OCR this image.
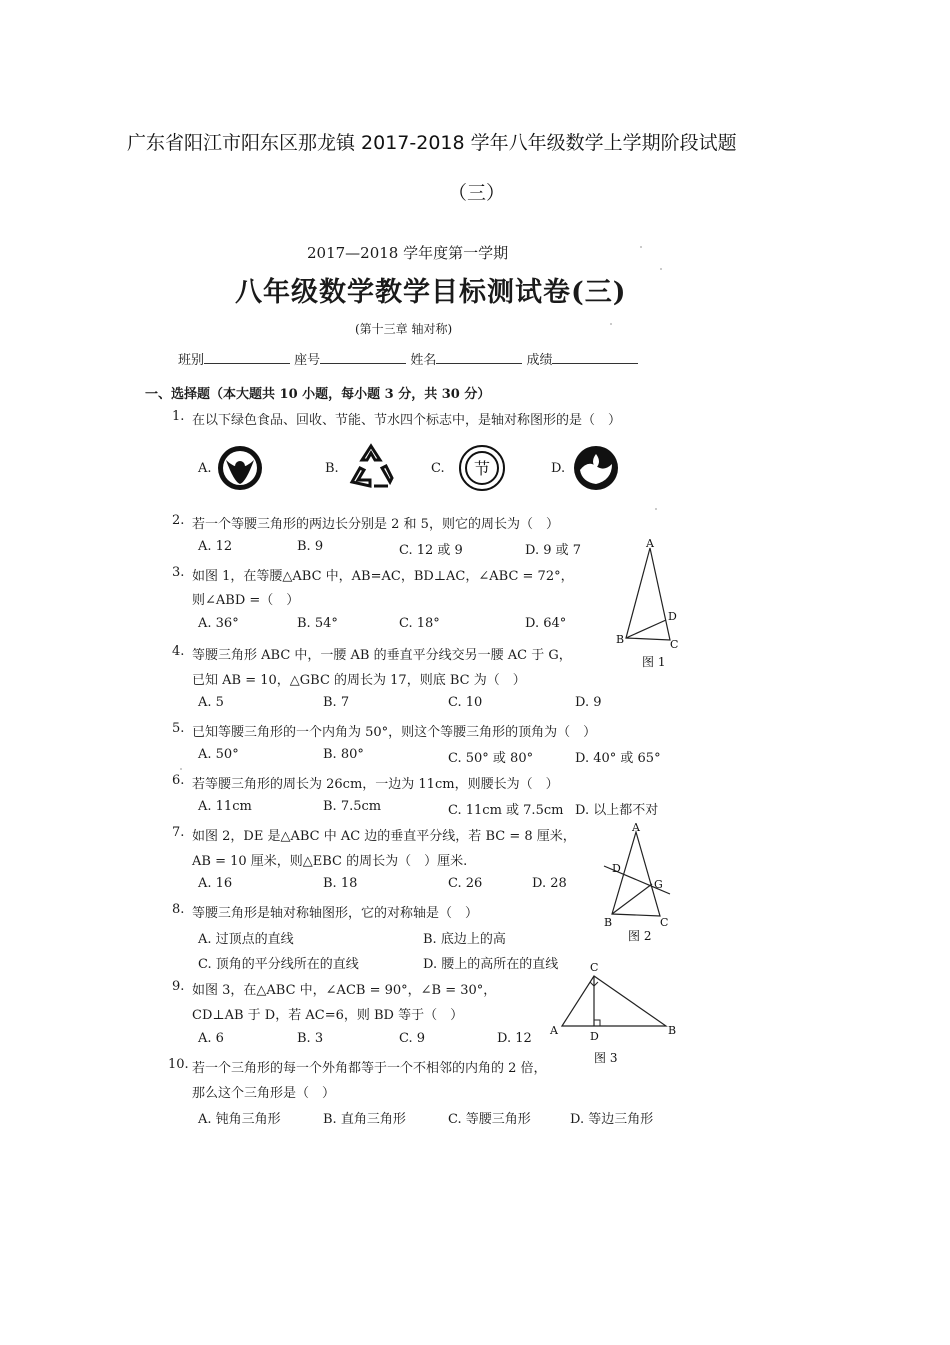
广东省阳江市阳东区那龙镇 2017-2018 学年八年级数学上学期阶段试题
（三）
2017—2018 学年度第一学期
八年级数学教学目标测试卷(三)
(第十三章 轴对称)
班别	座号	姓名	成绩
一、选择题（本大题共 10 小题，每小题 3 分，共 30 分）
1. 在以下绿色食品、回收、节能、节水四个标志中，是轴对称图形的是（　）
A.	B.	C.	D.
节
2. 若一个等腰三角形的两边长分别是 2 和 5，则它的周长为（　）
A. 12	B. 9	C. 12 或 9	D. 9 或 7
3. 如图 1，在等腰△ABC 中，AB=AC，BD⊥AC，∠ABC = 72°，
则∠ABD =（　）
A. 36°	B. 54°	C. 18°	D. 64°
A
B	C
D
图 1
4. 等腰三角形 ABC 中，一腰 AB 的垂直平分线交另一腰 AC 于 G，
已知 AB = 10，△GBC 的周长为 17，则底 BC 为（　）
A. 5	B. 7	C. 10	D. 9
5. 已知等腰三角形的一个内角为 50°，则这个等腰三角形的顶角为（　）
A. 50°	B. 80°	C. 50° 或 80°	D. 40° 或 65°
6. 若等腰三角形的周长为 26cm，一边为 11cm，则腰长为（　）
A. 11cm	B. 7.5cm	C. 11cm 或 7.5cm D. 以上都不对
7. 如图 2，DE 是△ABC 中 AC 边的垂直平分线，若 BC = 8 厘米，
AB = 10 厘米，则△EBC 的周长为（　）厘米.
A. 16	B. 18	C. 26	D. 28
A
B	C
D
G
图 2
8. 等腰三角形是轴对称轴图形，它的对称轴是（　）
A. 过顶点的直线	B. 底边上的高
C. 顶角的平分线所在的直线	D. 腰上的高所在的直线
9. 如图 3，在△ABC 中，∠ACB = 90°，∠B = 30°，
CD⊥AB 于 D，若 AC=6，则 BD 等于（　）
A. 6	B. 3	C. 9	D. 12
C
A	B
D
图 3
10. 若一个三角形的每一个外角都等于一个不相邻的内角的 2 倍，
那么这个三角形是（　）
A. 钝角三角形	B. 直角三角形	C. 等腰三角形	D. 等边三角形
